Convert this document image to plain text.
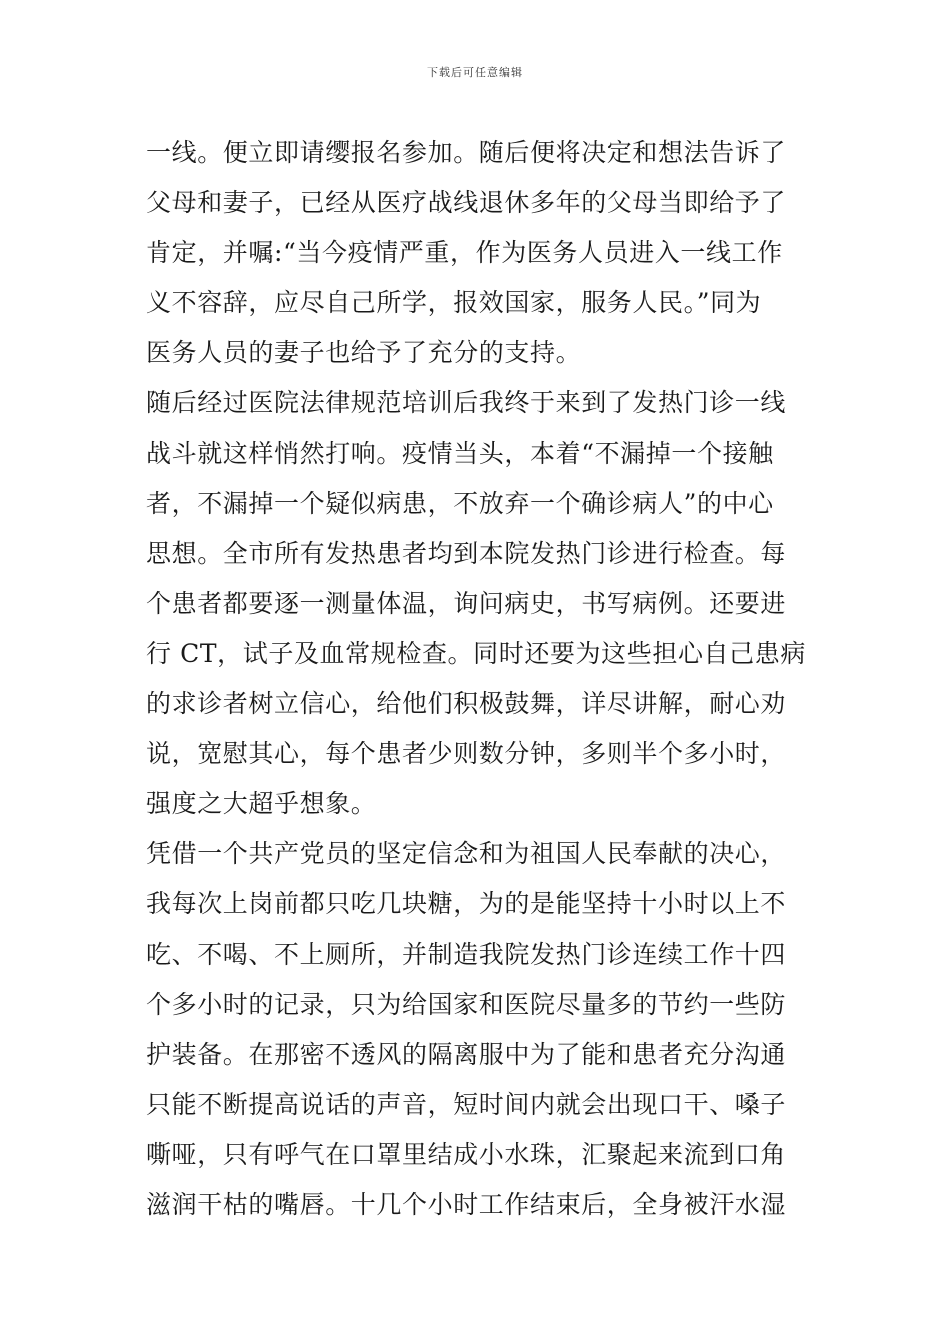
下载后可任意编辑
一线。便立即请缨报名参加。随后便将决定和想法告诉了
父母和妻子，已经从医疗战线退休多年的父母当即给予了
肯定，并嘱:“当今疫情严重，作为医务人员进入一线工作
义不容辞，应尽自己所学，报效国家，服务人民。”同为
医务人员的妻子也给予了充分的支持。
随后经过医院法律规范培训后我终于来到了发热门诊一线
战斗就这样悄然打响。疫情当头，本着“不漏掉一个接触
者，不漏掉一个疑似病患，不放弃一个确诊病人”的中心
思想。全市所有发热患者均到本院发热门诊进行检查。每
个患者都要逐一测量体温，询问病史，书写病例。还要进
行 CT，试子及血常规检查。同时还要为这些担心自己患病
的求诊者树立信心，给他们积极鼓舞，详尽讲解，耐心劝
说，宽慰其心，每个患者少则数分钟，多则半个多小时，
强度之大超乎想象。
凭借一个共产党员的坚定信念和为祖国人民奉献的决心，
我每次上岗前都只吃几块糖，为的是能坚持十小时以上不
吃、不喝、不上厕所，并制造我院发热门诊连续工作十四
个多小时的记录，只为给国家和医院尽量多的节约一些防
护装备。在那密不透风的隔离服中为了能和患者充分沟通
只能不断提高说话的声音，短时间内就会出现口干、嗓子
嘶哑，只有呼气在口罩里结成小水珠，汇聚起来流到口角
滋润干枯的嘴唇。十几个小时工作结束后，全身被汗水湿
